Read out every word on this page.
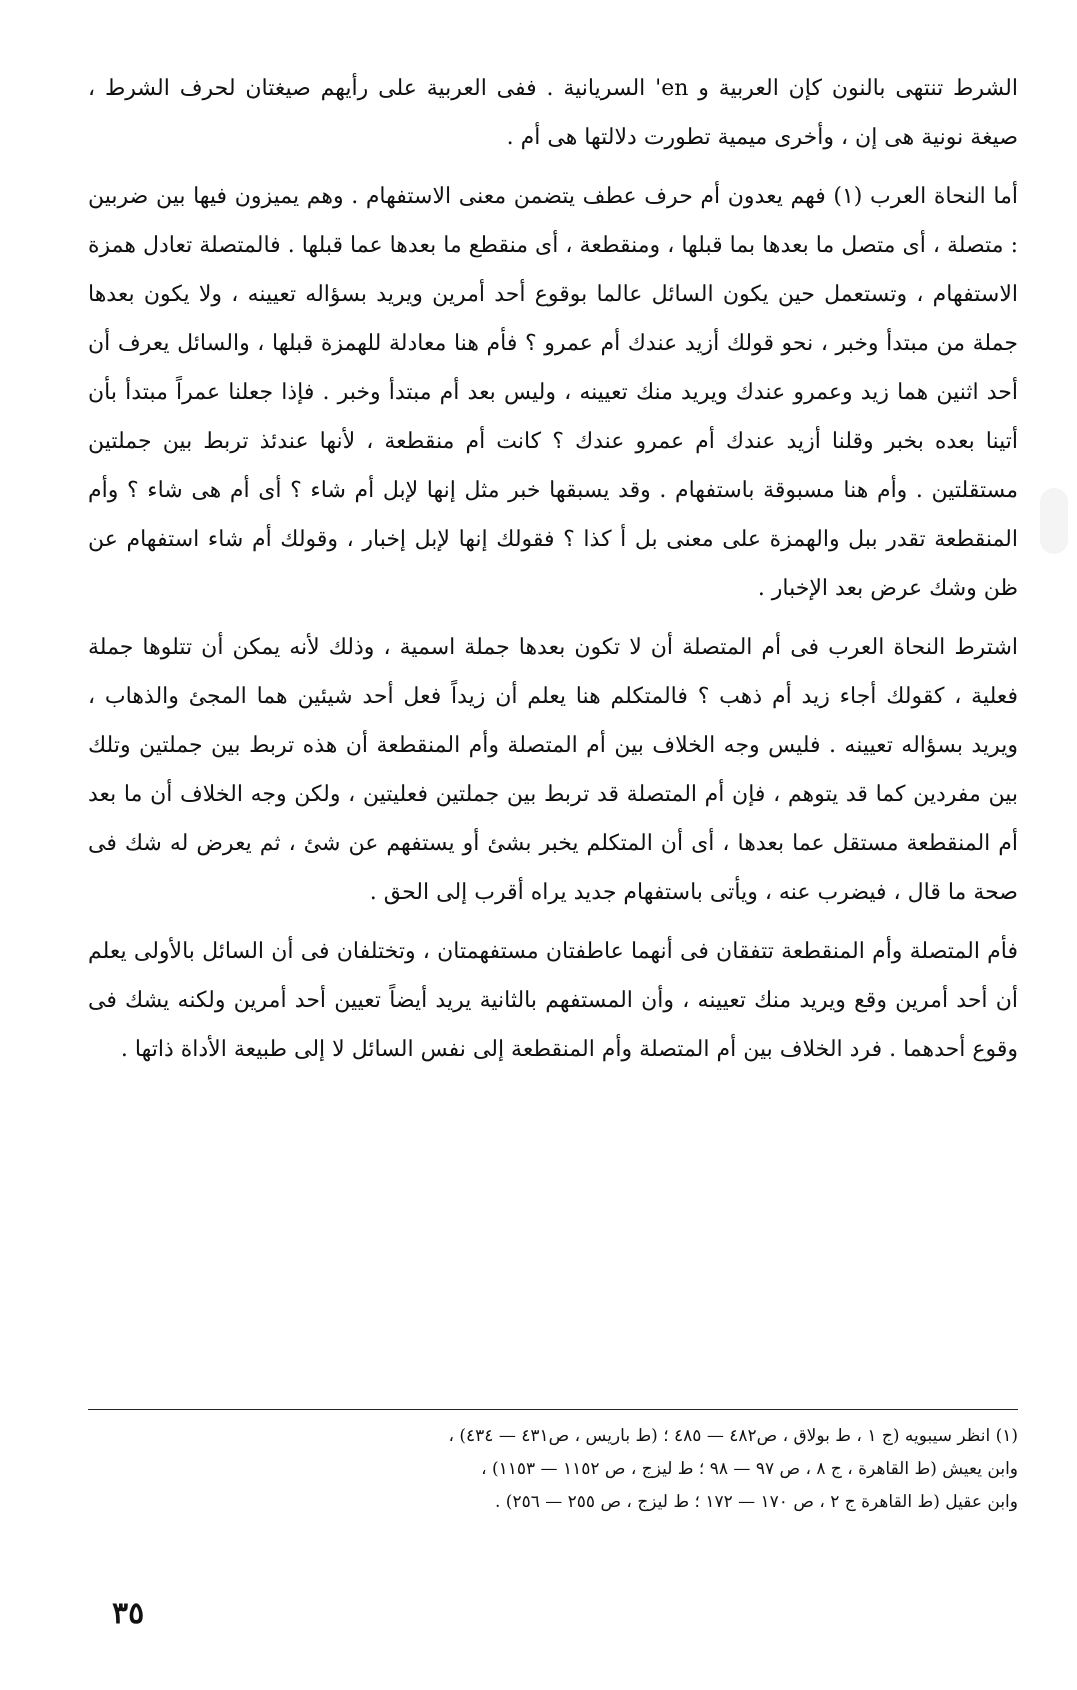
الشرط تنتهى بالنون كإن العربية و en' السريانية . ففى العربية على رأيهم صيغتان لحرف الشرط ، صيغة نونية هى إن ، وأخرى ميمية تطورت دلالتها هى أم .

أما النحاة العرب (١) فهم يعدون أم حرف عطف يتضمن معنى الاستفهام . وهم يميزون فيها بين ضربين : متصلة ، أى متصل ما بعدها بما قبلها ، ومنقطعة ، أى منقطع ما بعدها عما قبلها . فالمتصلة تعادل همزة الاستفهام ، وتستعمل حين يكون السائل عالما بوقوع أحد أمرين ويريد بسؤاله تعيينه ، ولا يكون بعدها جملة من مبتدأ وخبر ، نحو قولك أزيد عندك أم عمرو ؟ فأم هنا معادلة للهمزة قبلها ، والسائل يعرف أن أحد اثنين هما زيد وعمرو عندك ويريد منك تعيينه ، وليس بعد أم مبتدأ وخبر . فإذا جعلنا عمراً مبتدأ بأن أتينا بعده بخبر وقلنا أزيد عندك أم عمرو عندك ؟ كانت أم منقطعة ، لأنها عندئذ تربط بين جملتين مستقلتين . وأم هنا مسبوقة باستفهام . وقد يسبقها خبر مثل إنها لإبل أم شاء ؟ أى أم هى شاء ؟ وأم المنقطعة تقدر ببل والهمزة على معنى بل أ كذا ؟ فقولك إنها لإبل إخبار ، وقولك أم شاء استفهام عن ظن وشك عرض بعد الإخبار .

اشترط النحاة العرب فى أم المتصلة أن لا تكون بعدها جملة اسمية ، وذلك لأنه يمكن أن تتلوها جملة فعلية ، كقولك أجاء زيد أم ذهب ؟ فالمتكلم هنا يعلم أن زيداً فعل أحد شيئين هما المجئ والذهاب ، ويريد بسؤاله تعيينه . فليس وجه الخلاف بين أم المتصلة وأم المنقطعة أن هذه تربط بين جملتين وتلك بين مفردين كما قد يتوهم ، فإن أم المتصلة قد تربط بين جملتين فعليتين ، ولكن وجه الخلاف أن ما بعد أم المنقطعة مستقل عما بعدها ، أى أن المتكلم يخبر بشئ أو يستفهم عن شئ ، ثم يعرض له شك فى صحة ما قال ، فيضرب عنه ، ويأتى باستفهام جديد يراه أقرب إلى الحق .

فأم المتصلة وأم المنقطعة تتفقان فى أنهما عاطفتان مستفهمتان ، وتختلفان فى أن السائل بالأولى يعلم أن أحد أمرين وقع ويريد منك تعيينه ، وأن المستفهم بالثانية يريد أيضاً تعيين أحد أمرين ولكنه يشك فى وقوع أحدهما . فرد الخلاف بين أم المتصلة وأم المنقطعة إلى نفس السائل لا إلى طبيعة الأداة ذاتها .

(١) انظر سيبويه (ج ١ ، ط بولاق ، ص٤٨٢ — ٤٨٥ ؛ (ط باريس ، ص٤٣١ — ٤٣٤) ،

وابن يعيش (ط القاهرة ، ج ٨ ، ص ٩٧ — ٩٨ ؛ ط ليزج ، ص ١١٥٢ — ١١٥٣) ،

وابن عقيل (ط القاهرة ج ٢ ، ص ١٧٠ — ١٧٢ ؛ ط ليزج ، ص ٢٥٥ — ٢٥٦) .

٣٥
